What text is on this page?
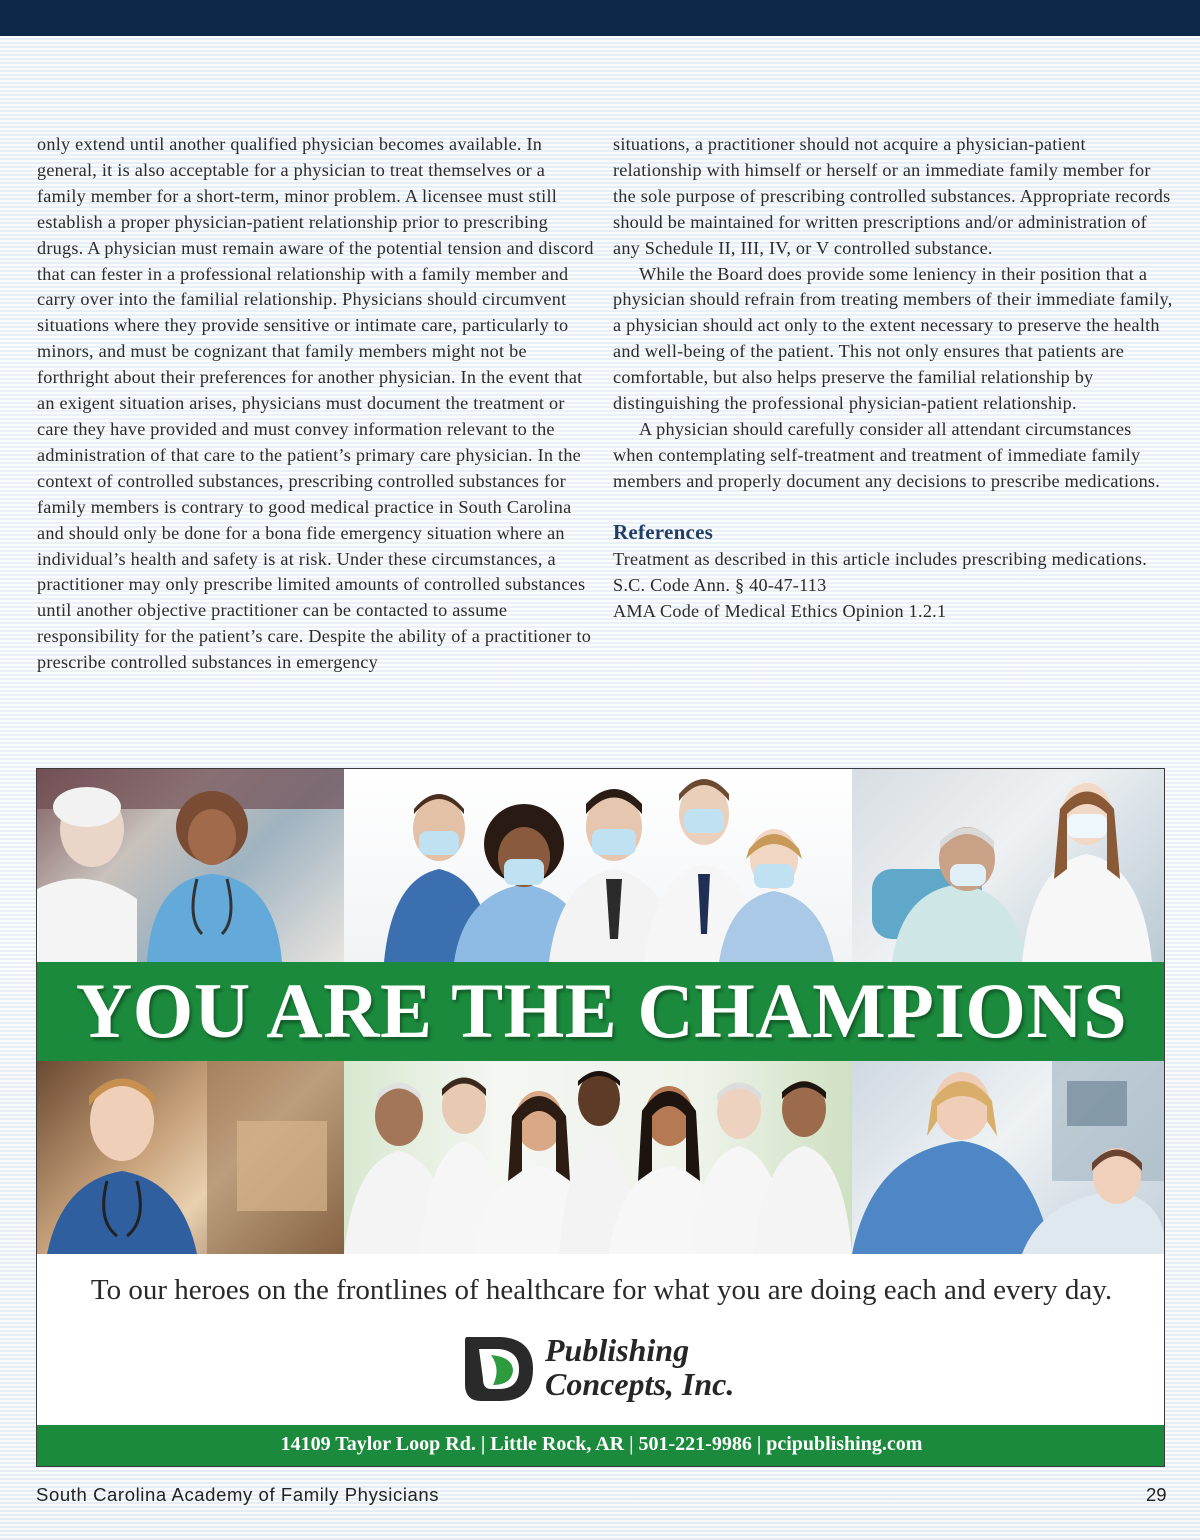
only extend until another qualified physician becomes available. In general, it is also acceptable for a physician to treat themselves or a family member for a short-term, minor problem. A licensee must still establish a proper physician-patient relationship prior to prescribing drugs. A physician must remain aware of the potential tension and discord that can fester in a professional relationship with a family member and carry over into the familial relationship. Physicians should circumvent situations where they provide sensitive or intimate care, particularly to minors, and must be cognizant that family members might not be forthright about their preferences for another physician. In the event that an exigent situation arises, physicians must document the treatment or care they have provided and must convey information relevant to the administration of that care to the patient’s primary care physician. In the context of controlled substances, prescribing controlled substances for family members is contrary to good medical practice in South Carolina and should only be done for a bona fide emergency situation where an individual’s health and safety is at risk. Under these circumstances, a practitioner may only prescribe limited amounts of controlled substances until another objective practitioner can be contacted to assume responsibility for the patient’s care. Despite the ability of a practitioner to prescribe controlled substances in emergency

situations, a practitioner should not acquire a physician-patient relationship with himself or herself or an immediate family member for the sole purpose of prescribing controlled substances. Appropriate records should be maintained for written prescriptions and/or administration of any Schedule II, III, IV, or V controlled substance.

While the Board does provide some leniency in their position that a physician should refrain from treating members of their immediate family, a physician should act only to the extent necessary to preserve the health and well-being of the patient. This not only ensures that patients are comfortable, but also helps preserve the familial relationship by distinguishing the professional physician-patient relationship.

A physician should carefully consider all attendant circumstances when contemplating self-treatment and treatment of immediate family members and properly document any decisions to prescribe medications.

References

Treatment as described in this article includes prescribing medications.

S.C. Code Ann. § 40-47-113

AMA Code of Medical Ethics Opinion 1.2.1

YOU ARE THE CHAMPIONS
To our heroes on the frontlines of healthcare for what you are doing each and every day.
Publishing
Concepts, Inc.
14109 Taylor Loop Rd. | Little Rock, AR | 501-221-9986 | pcipublishing.com
South Carolina Academy of Family Physicians	29
